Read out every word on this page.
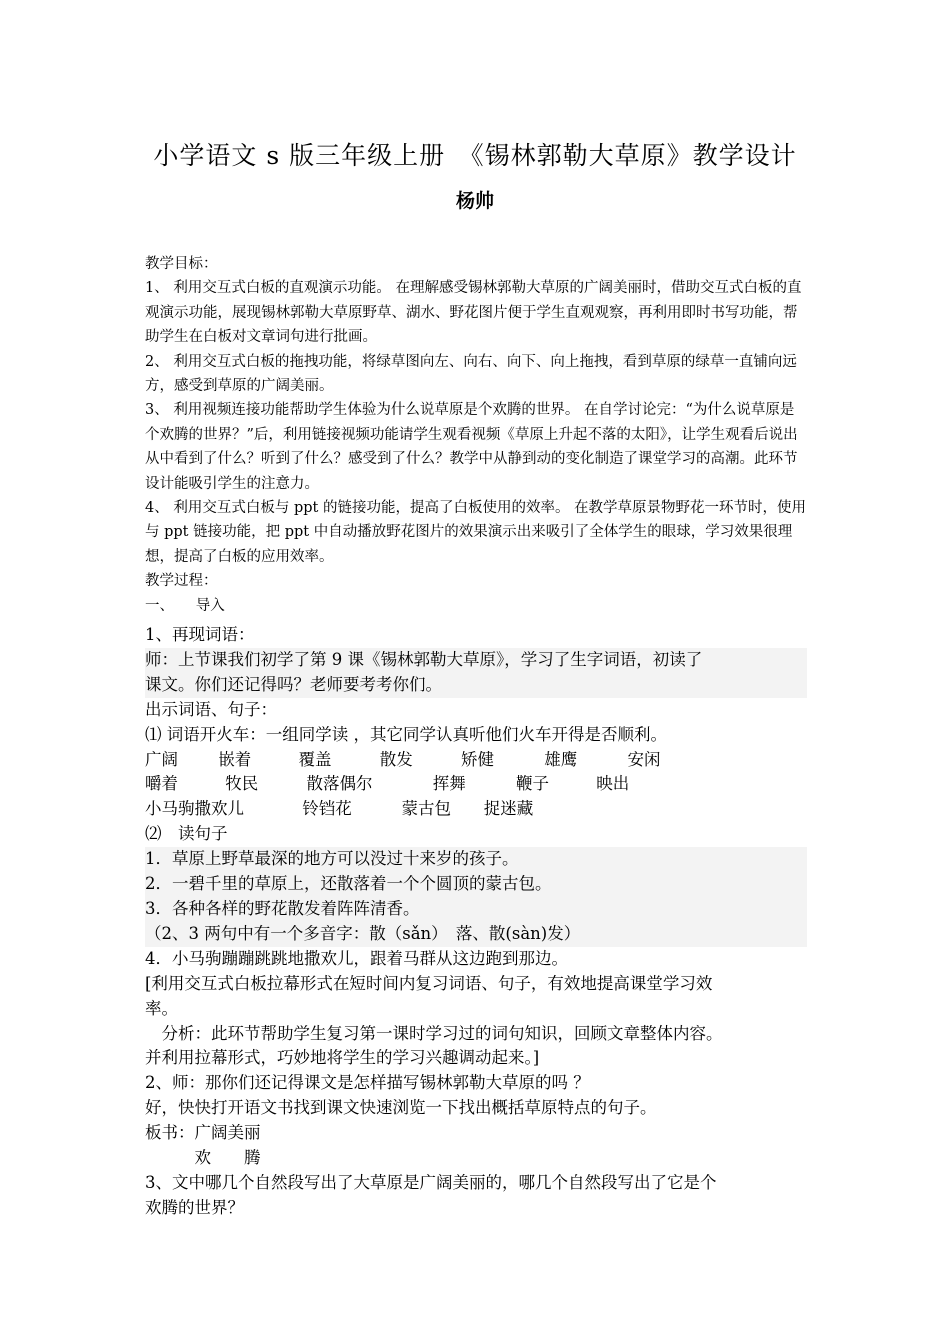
小学语文 s 版三年级上册　《锡林郭勒大草原》教学设计
杨帅

教学目标：

1、 利用交互式白板的直观演示功能。 在理解感受锡林郭勒大草原的广阔美丽时，借助交互式白板的直观演示功能，展现锡林郭勒大草原野草、湖水、野花图片便于学生直观观察，再利用即时书写功能，帮助学生在白板对文章词句进行批画。

2、 利用交互式白板的拖拽功能，将绿草图向左、向右、向下、向上拖拽，看到草原的绿草一直铺向远方，感受到草原的广阔美丽。

3、 利用视频连接功能帮助学生体验为什么说草原是个欢腾的世界。 在自学讨论完：“为什么说草原是个欢腾的世界？”后，利用链接视频功能请学生观看视频《草原上升起不落的太阳》，让学生观看后说出从中看到了什么？听到了什么？感受到了什么？教学中从静到动的变化制造了课堂学习的高潮。此环节设计能吸引学生的注意力。

4、 利用交互式白板与 ppt 的链接功能，提高了白板使用的效率。 在教学草原景物野花一环节时，使用与 ppt 链接功能，把 ppt 中自动播放野花图片的效果演示出来吸引了全体学生的眼球，学习效果很理想，提高了白板的应用效率。

教学过程：

一、　　导入

1、再现词语：

师：上节课我们初学了第 9 课《锡林郭勒大草原》，学习了生字词语，初读了

课文。你们还记得吗？老师要考考你们。

出示词语、句子：

⑴ 词语开火车：一组同学读 ，其它同学认真听他们火车开得是否顺利。

广阔 嵌着	覆盖	散发	矫健	雄鹰	安闲

嚼着	牧民	散落偶尔	挥舞	鞭子	映出

小马驹撒欢儿	铃铛花	蒙古包 捉迷藏

⑵　读句子

1．草原上野草最深的地方可以没过十来岁的孩子。

2．一碧千里的草原上，还散落着一个个圆顶的蒙古包。

3．各种各样的野花散发着阵阵清香。

（2、3 两句中有一个多音字：散（sǎn）　落、散(sàn)发）

4．小马驹蹦蹦跳跳地撒欢儿，跟着马群从这边跑到那边。

[利用交互式白板拉幕形式在短时间内复习词语、句子，有效地提高课堂学习效

率。

　分析：此环节帮助学生复习第一课时学习过的词句知识，回顾文章整体内容。

并利用拉幕形式，巧妙地将学生的学习兴趣调动起来。]

2、师：那你们还记得课文是怎样描写锡林郭勒大草原的吗 ？

好，快快打开语文书找到课文快速浏览一下找出概括草原特点的句子。

板书：广阔美丽

　　　欢　　腾

3、文中哪几个自然段写出了大草原是广阔美丽的，哪几个自然段写出了它是个

欢腾的世界？
